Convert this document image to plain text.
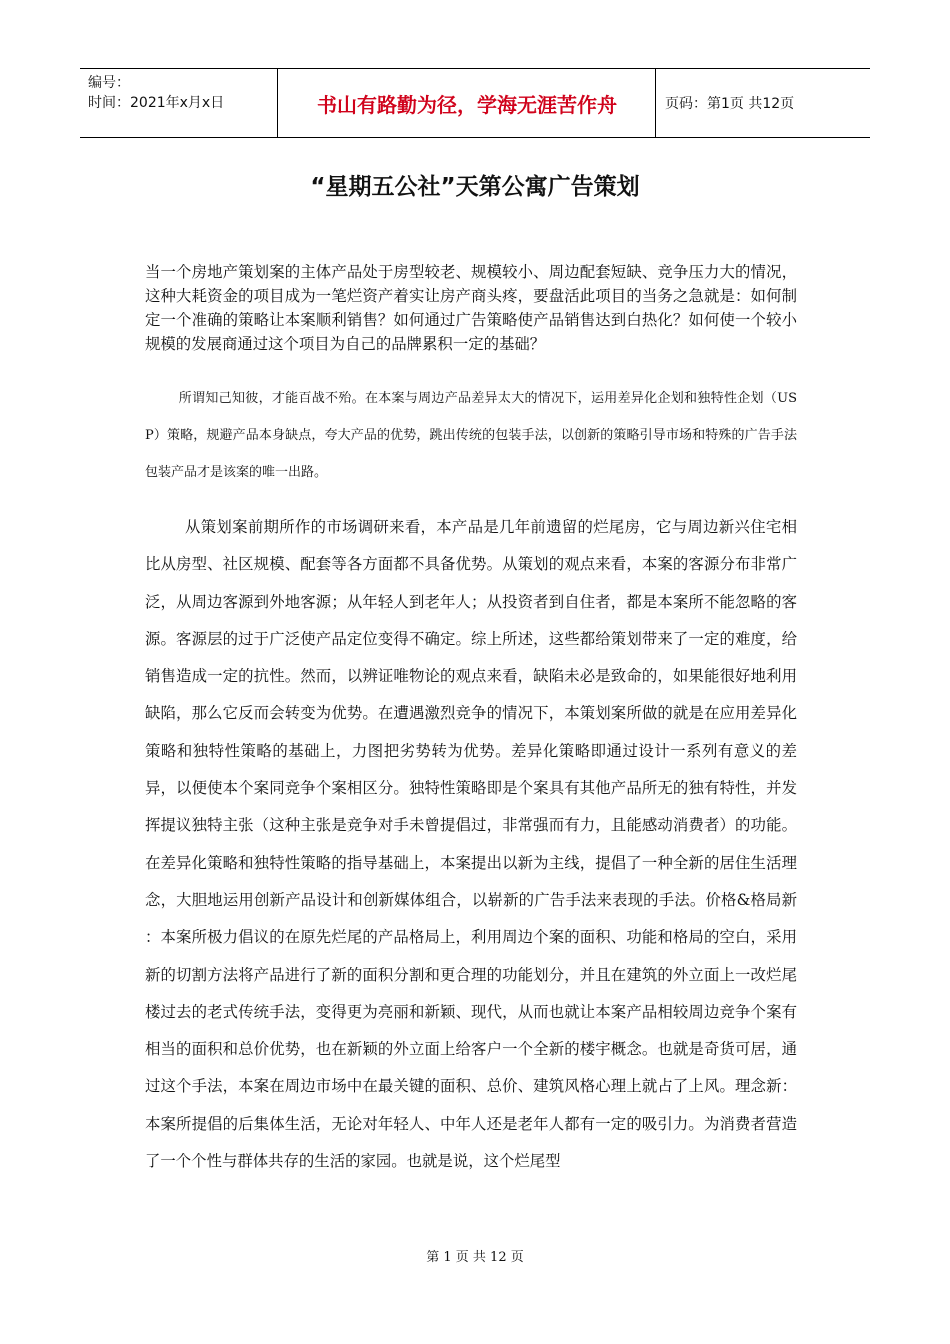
编号：
时间：2021年x月x日	书山有路勤为径，学海无涯苦作舟	页码：第1页 共12页
“星期五公社”天第公寓广告策划

当一个房地产策划案的主体产品处于房型较老、规模较小、周边配套短缺、竞争压力大的情况，这种大耗资金的项目成为一笔烂资产着实让房产商头疼，要盘活此项目的当务之急就是：如何制定一个准确的策略让本案顺利销售？如何通过广告策略使产品销售达到白热化？如何使一个较小规模的发展商通过这个项目为自己的品牌累积一定的基础？

所谓知己知彼，才能百战不殆。在本案与周边产品差异太大的情况下，运用差异化企划和独特性企划（USP）策略，规避产品本身缺点，夸大产品的优势，跳出传统的包装手法，以创新的策略引导市场和特殊的广告手法包装产品才是该案的唯一出路。

从策划案前期所作的市场调研来看，本产品是几年前遗留的烂尾房，它与周边新兴住宅相比从房型、社区规模、配套等各方面都不具备优势。从策划的观点来看，本案的客源分布非常广泛，从周边客源到外地客源；从年轻人到老年人；从投资者到自住者，都是本案所不能忽略的客源。客源层的过于广泛使产品定位变得不确定。综上所述，这些都给策划带来了一定的难度，给销售造成一定的抗性。然而，以辨证唯物论的观点来看，缺陷未必是致命的，如果能很好地利用缺陷，那么它反而会转变为优势。在遭遇激烈竞争的情况下，本策划案所做的就是在应用差异化策略和独特性策略的基础上，力图把劣势转为优势。差异化策略即通过设计一系列有意义的差异，以便使本个案同竞争个案相区分。独特性策略即是个案具有其他产品所无的独有特性，并发挥提议独特主张（这种主张是竞争对手未曾提倡过，非常强而有力，且能感动消费者）的功能。在差异化策略和独特性策略的指导基础上，本案提出以新为主线，提倡了一种全新的居住生活理念，大胆地运用创新产品设计和创新媒体组合，以崭新的广告手法来表现的手法。价格&格局新 ：本案所极力倡议的在原先烂尾的产品格局上，利用周边个案的面积、功能和格局的空白，采用新的切割方法将产品进行了新的面积分割和更合理的功能划分，并且在建筑的外立面上一改烂尾楼过去的老式传统手法，变得更为亮丽和新颖、现代，从而也就让本案产品相较周边竞争个案有相当的面积和总价优势，也在新颖的外立面上给客户一个全新的楼宇概念。也就是奇货可居，通过这个手法，本案在周边市场中在最关键的面积、总价、建筑风格心理上就占了上风。理念新：本案所提倡的后集体生活，无论对年轻人、中年人还是老年人都有一定的吸引力。为消费者营造了一个个性与群体共存的生活的家园。也就是说，这个烂尾型

第 1 页 共 12 页
